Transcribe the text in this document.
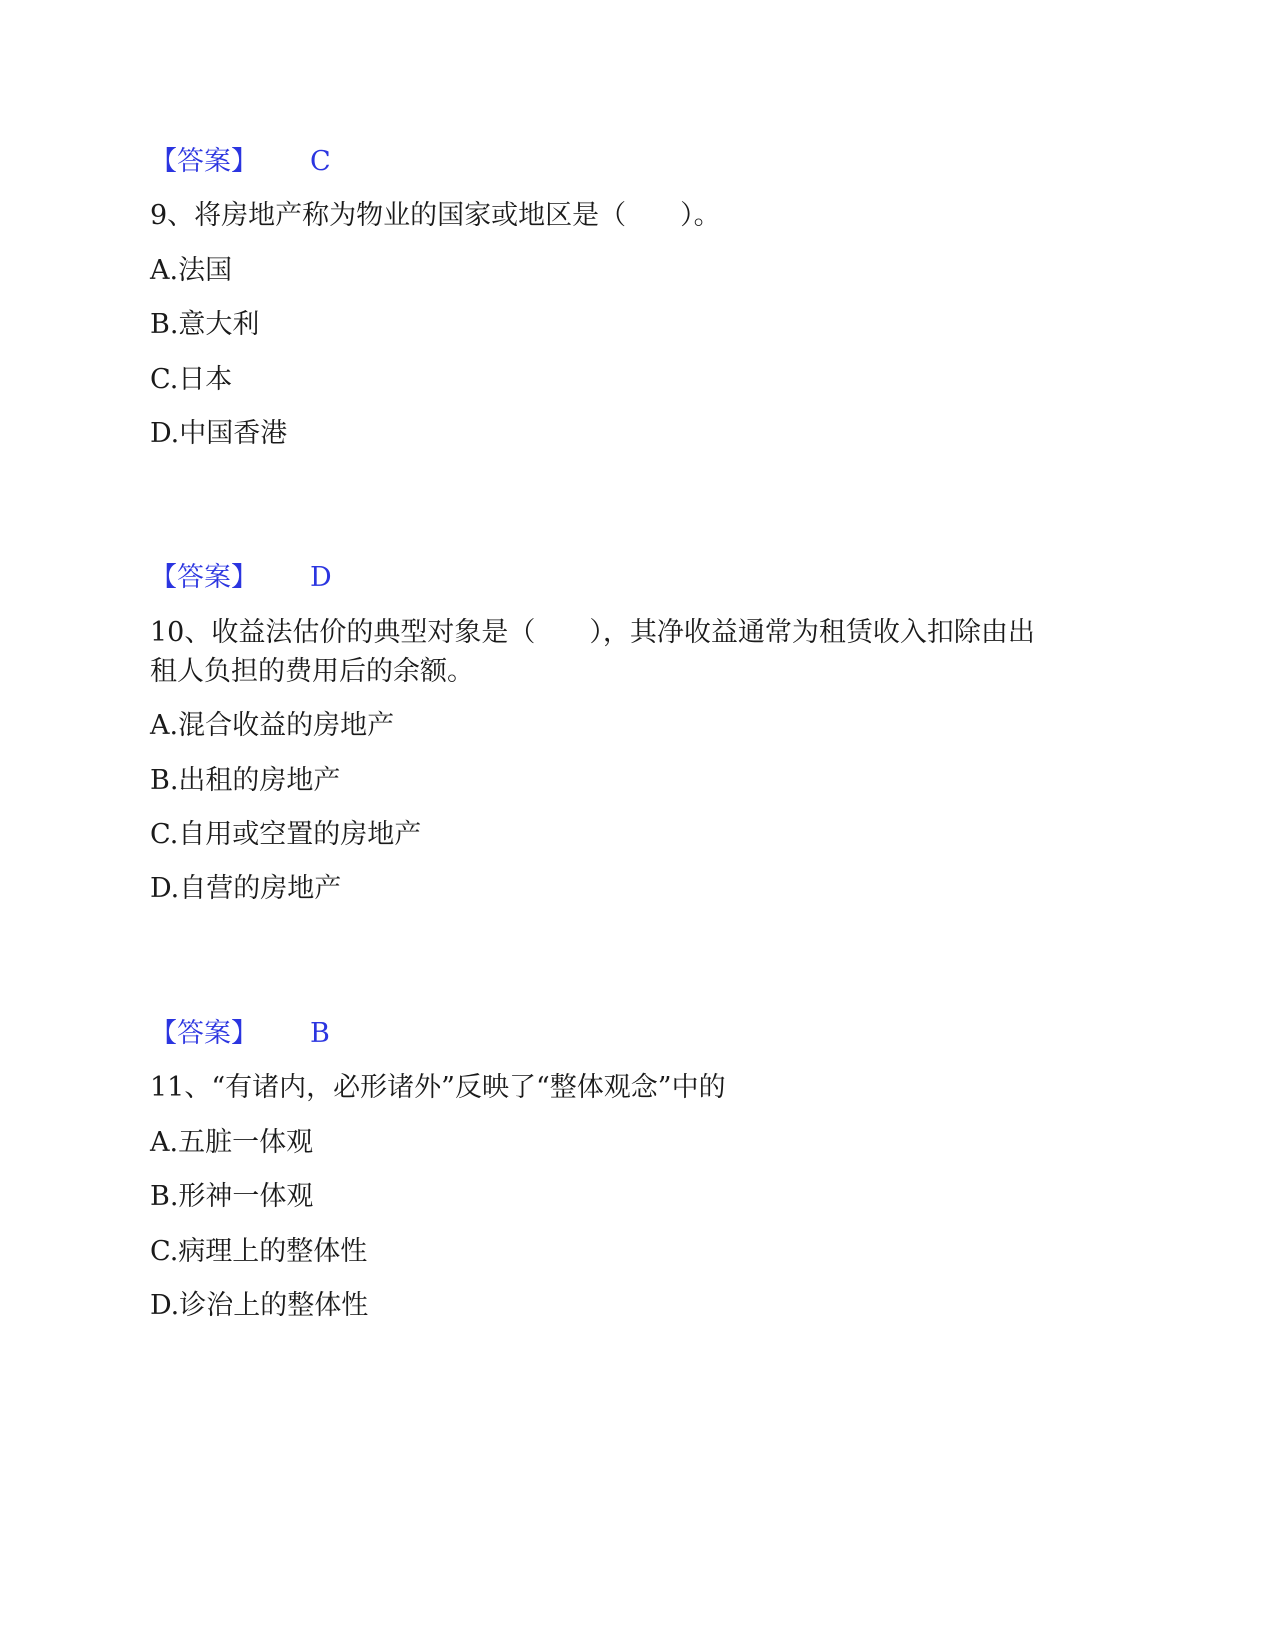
【答案】 C
9、将房地产称为物业的国家或地区是（　　）。
A.法国
B.意大利
C.日本
D.中国香港
【答案】 D
10、收益法估价的典型对象是（　　），其净收益通常为租赁收入扣除由出
租人负担的费用后的余额。
A.混合收益的房地产
B.出租的房地产
C.自用或空置的房地产
D.自营的房地产
【答案】 B
11、“有诸内，必形诸外”反映了“整体观念”中的
A.五脏一体观
B.形神一体观
C.病理上的整体性
D.诊治上的整体性
